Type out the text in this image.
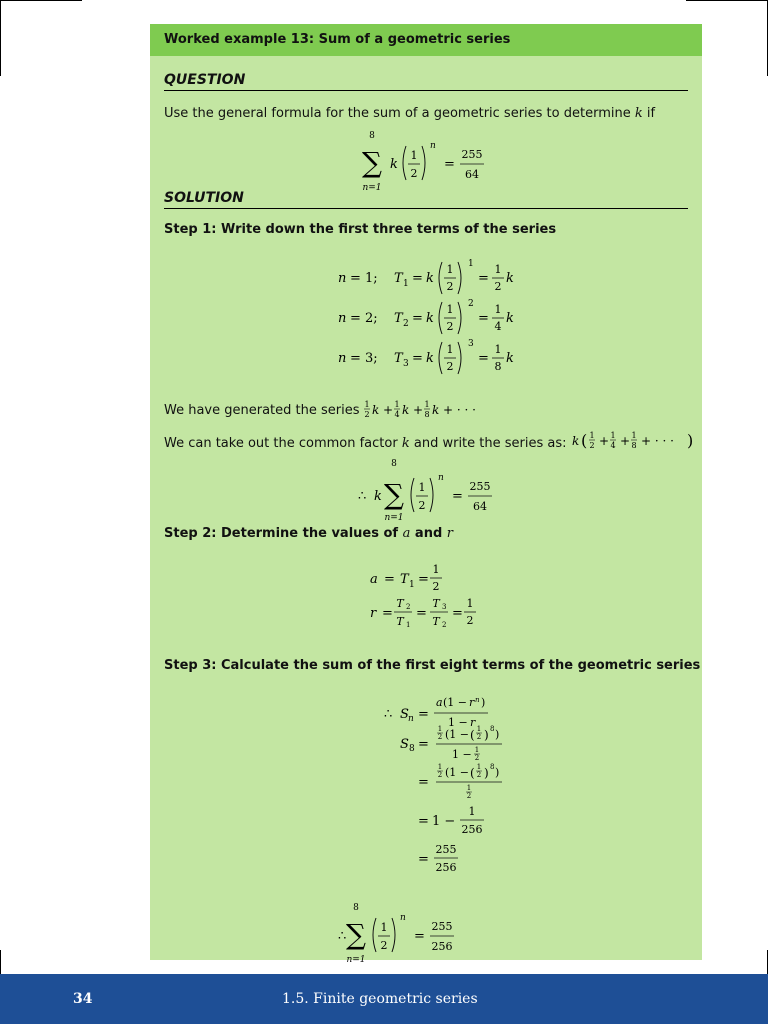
Worked example 13: Sum of a geometric series
QUESTION
Use the general formula for the sum of a geometric series to determine k if
8
∑
n=1
k
1
2
n
=
255
64
SOLUTION
Step 1: Write down the first three terms of the series
n = 1; T 1 = k
1
2
1
=
1
2
k
n = 2; T 2 = k
1
2
2
=
1
4
k
n = 3; T 3 = k
1
2
3
=
1
8
k
We have generated the series 1
2 k + 1
4 k + 1
8 k + · · ·
We can take out the common factor k and write the series as: k ( 1
2 + 1
4 + 1
8 + · · · )
∴ k
8
∑
n=1
1
2
n
=
255
64
Step 2: Determine the values of a and r
a = T 1 =
1
2
r =
T 2
T 1
=
T 3
T 2
=
1
2
Step 3: Calculate the sum of the first eight terms of the geometric series
∴ S n =
a (1 − r n )
1 − r
S 8 =
1
2 (1 − ( 1
2 ) 8 )
1 − 1
2
=
1
2 (1 − ( 1
2 ) 8 )
1
2
= 1 −
1
256
=
255
256
∴
8
∑
n=1
1
2
n
=
255
256
34	1.5. Finite geometric series
